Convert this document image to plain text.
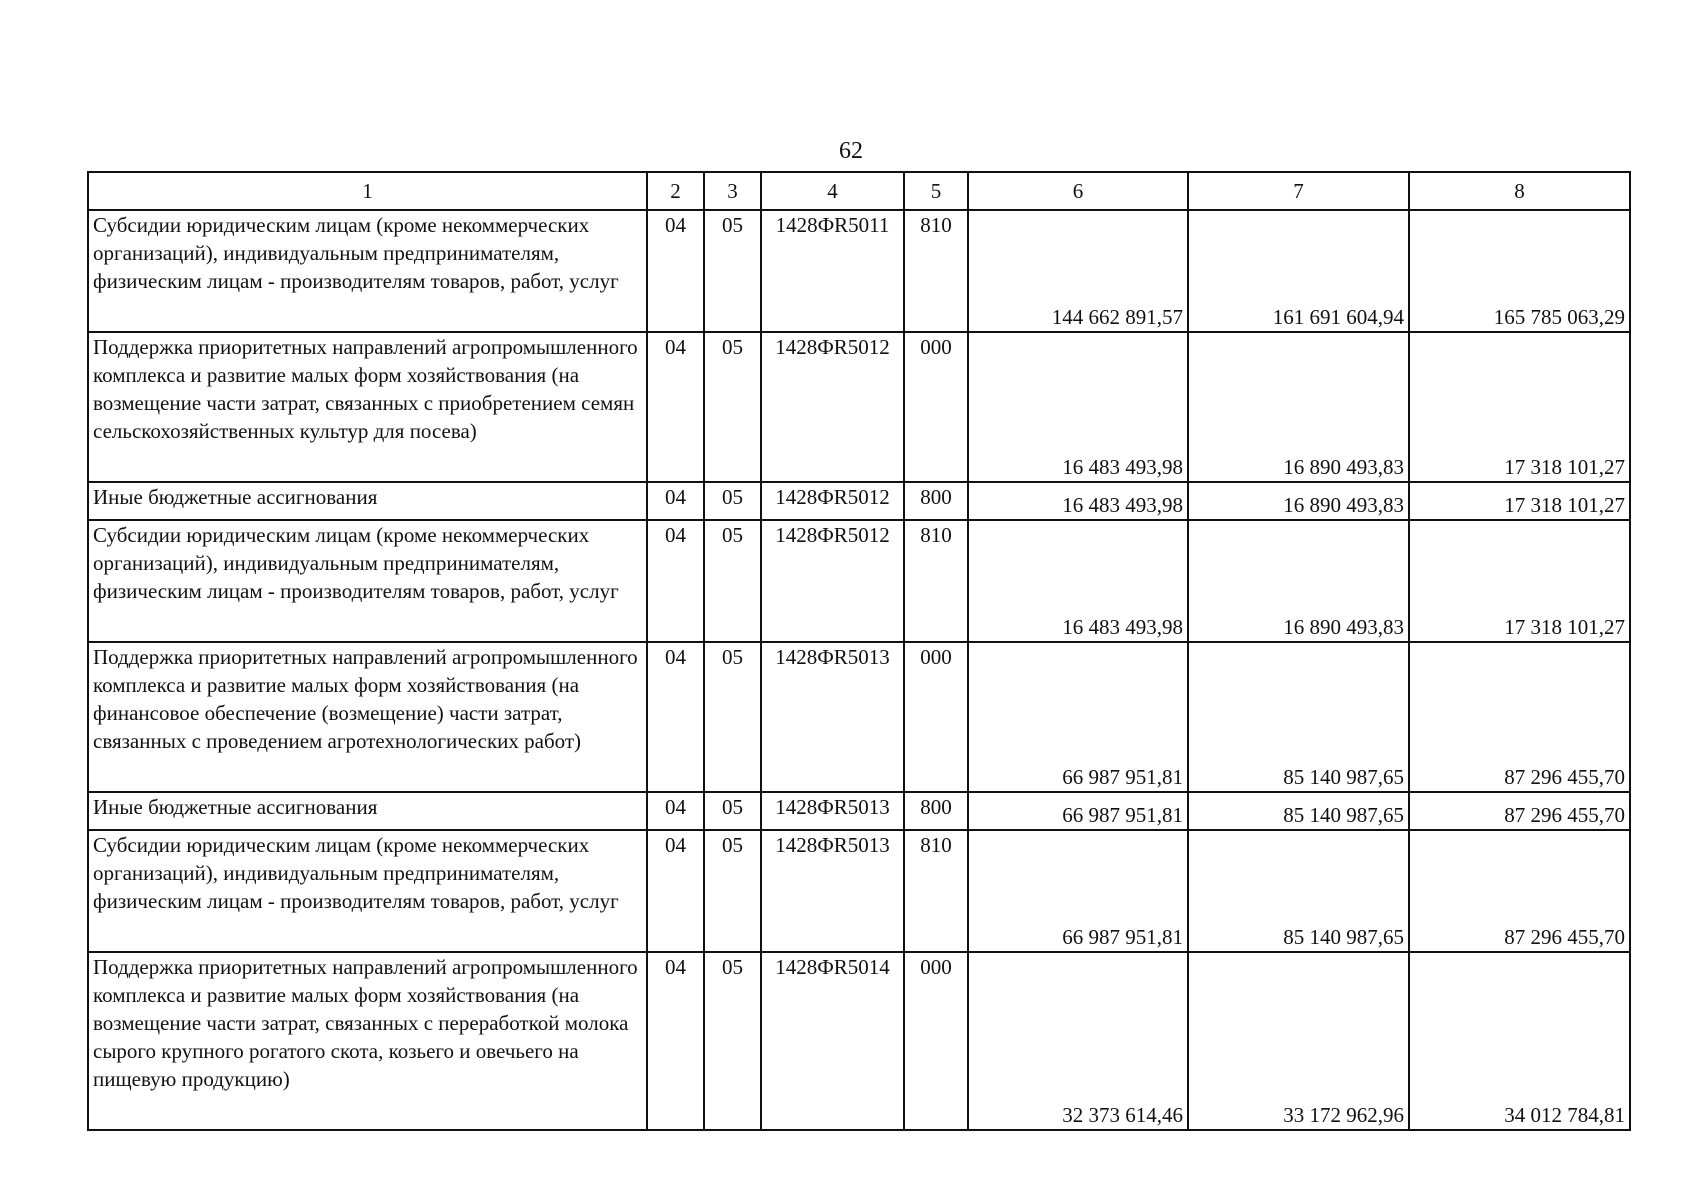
62
1	2	3	4	5	6	7	8
Субсидии юридическим лицам (кроме некоммерческих организаций), индивидуальным предпринимателям, физическим лицам - производителям товаров, работ, услуг	04	05	1428ФR5011	810	144 662 891,57	161 691 604,94	165 785 063,29
Поддержка приоритетных направлений агропромышленного комплекса и развитие малых форм хозяйствования (на возмещение части затрат, связанных с приобретением семян сельскохозяйственных культур для посева)	04	05	1428ФR5012	000	16 483 493,98	16 890 493,83	17 318 101,27
Иные бюджетные ассигнования	04	05	1428ФR5012	800	16 483 493,98	16 890 493,83	17 318 101,27
Субсидии юридическим лицам (кроме некоммерческих организаций), индивидуальным предпринимателям, физическим лицам - производителям товаров, работ, услуг	04	05	1428ФR5012	810	16 483 493,98	16 890 493,83	17 318 101,27
Поддержка приоритетных направлений агропромышленного комплекса и развитие малых форм хозяйствования (на финансовое обеспечение (возмещение) части затрат, связанных с проведением агротехнологических работ)	04	05	1428ФR5013	000	66 987 951,81	85 140 987,65	87 296 455,70
Иные бюджетные ассигнования	04	05	1428ФR5013	800	66 987 951,81	85 140 987,65	87 296 455,70
Субсидии юридическим лицам (кроме некоммерческих организаций), индивидуальным предпринимателям, физическим лицам - производителям товаров, работ, услуг	04	05	1428ФR5013	810	66 987 951,81	85 140 987,65	87 296 455,70
Поддержка приоритетных направлений агропромышленного комплекса и развитие малых форм хозяйствования (на возмещение части затрат, связанных с переработкой молока сырого крупного рогатого скота, козьего и овечьего на пищевую продукцию)	04	05	1428ФR5014	000	32 373 614,46	33 172 962,96	34 012 784,81
